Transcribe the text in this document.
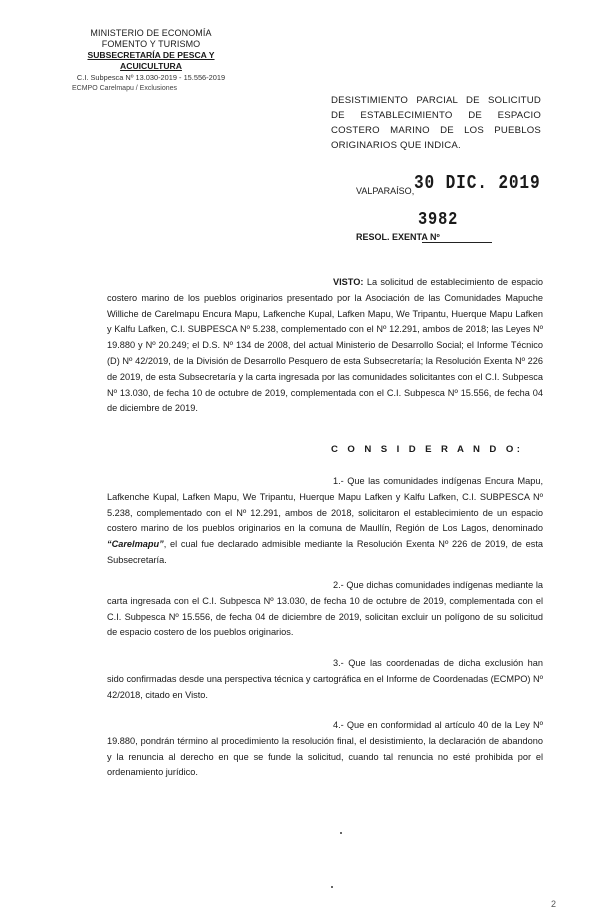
MINISTERIO DE ECONOMÍA
FOMENTO Y TURISMO
SUBSECRETARÍA DE PESCA Y ACUICULTURA
C.I. Subpesca Nº 13.030-2019 - 15.556-2019
ECMPO Carelmapu / Exclusiones
DESISTIMIENTO PARCIAL DE SOLICITUD DE ESTABLECIMIENTO DE ESPACIO COSTERO MARINO DE LOS PUEBLOS ORIGINARIOS QUE INDICA.
VALPARAÍSO, 30 DIC. 2019
3982
RESOL. EXENTA Nº
VISTO: La solicitud de establecimiento de espacio costero marino de los pueblos originarios presentado por la Asociación de las Comunidades Mapuche Williche de Carelmapu Encura Mapu, Lafkenche Kupal, Lafken Mapu, We Tripantu, Huerque Mapu Lafken y Kalfu Lafken, C.I. SUBPESCA Nº 5.238, complementado con el Nº 12.291, ambos de 2018; las Leyes Nº 19.880 y Nº 20.249; el D.S. Nº 134 de 2008, del actual Ministerio de Desarrollo Social; el Informe Técnico (D) Nº 42/2019, de la División de Desarrollo Pesquero de esta Subsecretaría; la Resolución Exenta Nº 226 de 2019, de esta Subsecretaría y la carta ingresada por las comunidades solicitantes con el C.I. Subpesca Nº 13.030, de fecha 10 de octubre de 2019, complementada con el C.I. Subpesca Nº 15.556, de fecha 04 de diciembre de 2019.
C O N S I D E R A N D O:
1.- Que las comunidades indígenas Encura Mapu, Lafkenche Kupal, Lafken Mapu, We Tripantu, Huerque Mapu Lafken y Kalfu Lafken, C.I. SUBPESCA Nº 5.238, complementado con el Nº 12.291, ambos de 2018, solicitaron el establecimiento de un espacio costero marino de los pueblos originarios en la comuna de Maullín, Región de Los Lagos, denominado “Carelmapu”, el cual fue declarado admisible mediante la Resolución Exenta Nº 226 de 2019, de esta Subsecretaría.
2.- Que dichas comunidades indígenas mediante la carta ingresada con el C.I. Subpesca Nº 13.030, de fecha 10 de octubre de 2019, complementada con el C.I. Subpesca Nº 15.556, de fecha 04 de diciembre de 2019, solicitan excluir un polígono de su solicitud de espacio costero de los pueblos originarios.
3.- Que las coordenadas de dicha exclusión han sido confirmadas desde una perspectiva técnica y cartográfica en el Informe de Coordenadas (ECMPO) Nº 42/2018, citado en Visto.
4.- Que en conformidad al artículo 40 de la Ley Nº 19.880, pondrán término al procedimiento la resolución final, el desistimiento, la declaración de abandono y la renuncia al derecho en que se funde la solicitud, cuando tal renuncia no esté prohibida por el ordenamiento jurídico.
2
